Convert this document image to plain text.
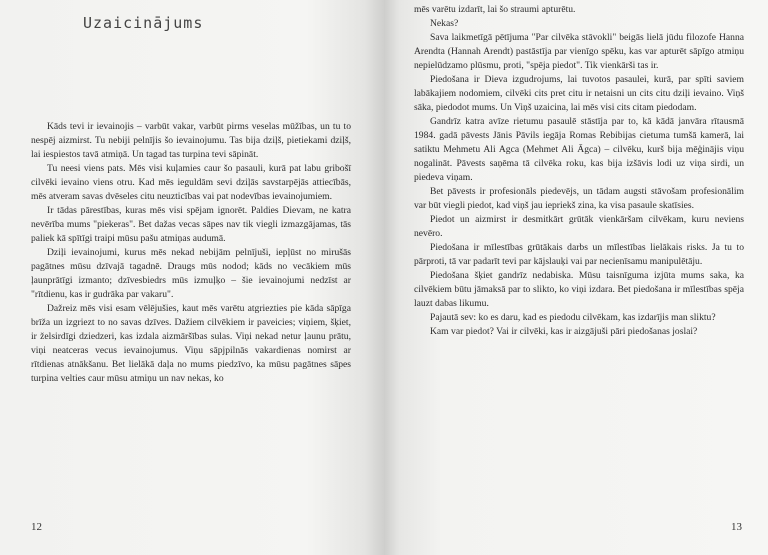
Uzaicinājums

Kāds tevi ir ievainojis – varbūt vakar, varbūt pirms veselas mūžības, un tu to nespēj aizmirst. Tu nebiji pelnījis šo ievainojumu. Tas bija dziļš, pietiekami dziļš, lai iespiestos tavā atmiņā. Un tagad tas turpina tevi sāpināt.

Tu neesi viens pats. Mēs visi kuļamies caur šo pasauli, kurā pat labu gribošī cilvēki ievaino viens otru. Kad mēs ieguldām sevi dziļās savstarpējās attiecībās, mēs atveram savas dvēseles citu neuzticības vai pat nodevības ievainojumiem.

Ir tādas pārestības, kuras mēs visi spējam ignorēt. Paldies Dievam, ne katra nevērība mums "piekeras". Bet dažas vecas sāpes nav tik viegli izmazgājamas, tās paliek kā spītīgi traipi mūsu pašu atmiņas audumā.

Dziļi ievainojumi, kurus mēs nekad nebijām pelnījuši, iepļūst no mirušās pagātnes mūsu dzīvajā tagadnē. Draugs mūs nodod; kāds no vecākiem mūs ļaunprātīgi izmanto; dzīvesbiedrs mūs izmuļķo – šie ievainojumi nedzīst ar "rītdienu, kas ir gudrāka par vakaru".

Dažreiz mēs visi esam vēlējušies, kaut mēs varētu atgriezties pie kāda sāpīga brīža un izgriezt to no savas dzīves. Dažiem cilvēkiem ir paveicies; viņiem, šķiet, ir želsirdīgi dziedzeri, kas izdala aizmāršības sulas. Viņi nekad netur ļaunu prātu, viņi neatceras vecus ievainojumus. Viņu sāpjpilnās vakardienas nomirst ar rītdienas atnākšanu. Bet lielākā daļa no mums piedzīvo, ka mūsu pagātnes sāpes turpina velties caur mūsu atmiņu un nav nekas, ko

12

mēs varētu izdarīt, lai šo straumi apturētu.

Nekas?

Sava laikmetīgā pētījuma "Par cilvēka stāvokli" beigās lielā jūdu filozofe Hanna Arendta (Hannah Arendt) pastāstīja par vienīgo spēku, kas var apturēt sāpīgo atmiņu nepielūdzamo plūsmu, proti, "spēja piedot". Tik vienkārši tas ir.

Piedošana ir Dieva izgudrojums, lai tuvotos pasaulei, kurā, par spīti saviem labākajiem nodomiem, cilvēki cits pret citu ir netaisni un cits citu dziļi ievaino. Viņš sāka, piedodot mums. Un Viņš uzaicina, lai mēs visi cits citam piedodam.

Gandrīz katra avīze rietumu pasaulē stāstīja par to, kā kādā janvāra rītausmā 1984. gadā pāvests Jānis Pāvils iegāja Romas Rebibijas cietuma tumšā kamerā, lai satiktu Mehmetu Ali Agca (Mehmet Ali Āgca) – cilvēku, kurš bija mēģinājis viņu nogalināt. Pāvests saņēma tā cilvēka roku, kas bija izšāvis lodi uz viņa sirdi, un piedeva viņam.

Bet pāvests ir profesionāls piedevējs, un tādam augsti stāvošam profesionālim var būt viegli piedot, kad viņš jau iepriekš zina, ka visa pasaule skatīsies.

Piedot un aizmirst ir desmitkārt grūtāk vienkāršam cilvēkam, kuru neviens nevēro.

Piedošana ir mīlestības grūtākais darbs un mīlestības lielākais risks. Ja tu to pārproti, tā var padarīt tevi par kājslauķi vai par necienīsamu manipulētāju.

Piedošana šķiet gandrīz nedabiska. Mūsu taisnīguma izjūta mums saka, ka cilvēkiem būtu jāmaksā par to slikto, ko viņi izdara. Bet piedošana ir mīlestības spēja lauzt dabas likumu.

Pajautā sev: ko es daru, kad es piedodu cilvēkam, kas izdarījis man sliktu?

Kam var piedot? Vai ir cilvēki, kas ir aizgājuši pāri piedošanas joslai?

13
